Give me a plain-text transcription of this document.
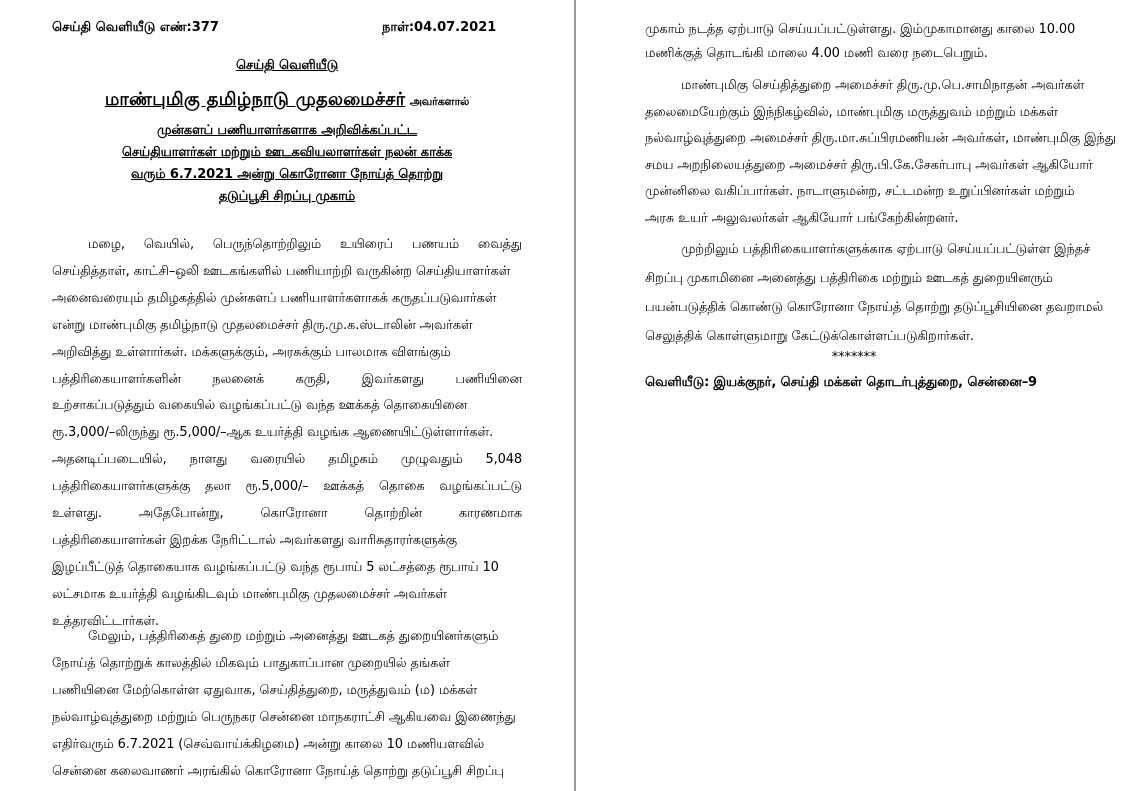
செய்தி வெளியீடு எண்:377	நாள்:04.07.2021
செய்தி வெளியீடு
மாண்புமிகு தமிழ்நாடு முதலமைச்சர் அவர்களால்
முன்களப் பணியாளர்களாக அறிவிக்கப்பட்ட
செய்தியாளர்கள் மற்றும் ஊடகவியலாளர்கள் நலன் காக்க
வரும் 6.7.2021 அன்று கொரோனா நோய்த் தொற்று
தடுப்பூசி சிறப்பு முகாம்
மழை, வெயில், பெருந்தொற்றிலும் உயிரைப் பணயம் வைத்து
செய்தித்தாள், காட்சி–ஒலி ஊடகங்களில் பணியாற்றி வருகின்ற செய்தியாளர்கள்
அனைவரையும் தமிழகத்தில் முன்களப் பணியாளர்களாகக் கருதப்படுவார்கள்
என்று மாண்புமிகு தமிழ்நாடு முதலமைச்சர் திரு.மு.க.ஸ்டாலின் அவர்கள்
அறிவித்து உள்ளார்கள். மக்களுக்கும், அரசுக்கும் பாலமாக விளங்கும்
பத்திரிகையாளர்களின் நலனைக் கருதி, இவர்களது பணியினை
உற்சாகப்படுத்தும் வகையில் வழங்கப்பட்டு வந்த ஊக்கத் தொகையினை
ரூ.3,000/–லிருந்து ரூ.5,000/–ஆக உயர்த்தி வழங்க ஆணையிட்டுள்ளார்கள்.
அதனடிப்படையில், நாளது வரையில் தமிழகம் முழுவதும் 5,048
பத்திரிகையாளர்களுக்கு தலா ரூ.5,000/– ஊக்கத் தொகை வழங்கப்பட்டு
உள்ளது.	அதேபோன்று,	கொரோனா	தொற்றின்	காரணமாக
பத்திரிகையாளர்கள் இறக்க நேரிட்டால் அவர்களது வாரிசுதாரர்களுக்கு
இழப்பீட்டுத் தொகையாக வழங்கப்பட்டு வந்த ரூபாய் 5 லட்சத்தை ரூபாய் 10
லட்சமாக உயர்த்தி வழங்கிடவும் மாண்புமிகு முதலமைச்சர் அவர்கள்
உத்தரவிட்டார்கள்.
மேலும், பத்திரிகைத் துறை மற்றும் அனைத்து ஊடகத் துறையினர்களும்
நோய்த் தொற்றுக் காலத்தில் மிகவும் பாதுகாப்பான முறையில் தங்கள்
பணியினை மேற்கொள்ள ஏதுவாக, செய்தித்துறை, மருத்துவம் (ம) மக்கள்
நல்வாழ்வுத்துறை மற்றும் பெருநகர சென்னை மாநகராட்சி ஆகியவை இணைந்து
எதிர்வரும் 6.7.2021 (செவ்வாய்க்கிழமை) அன்று காலை 10 மணியளவில்
சென்னை கலைவாணர் அரங்கில் கொரோனா நோய்த் தொற்று தடுப்பூசி சிறப்பு
முகாம் நடத்த ஏற்பாடு செய்யப்பட்டுள்ளது. இம்முகாமானது காலை 10.00
மணிக்குத் தொடங்கி மாலை 4.00 மணி வரை நடைபெறும்.
மாண்புமிகு செய்தித்துறை அமைச்சர் திரு.மு.பெ.சாமிநாதன் அவர்கள்
தலைமையேற்கும் இந்நிகழ்வில், மாண்புமிகு மருத்துவம் மற்றும் மக்கள்
நல்வாழ்வுத்துறை அமைச்சர் திரு.மா.சுப்பிரமணியன் அவர்கள், மாண்புமிகு இந்து
சமய அறநிலையத்துறை அமைச்சர் திரு.பி.கே.சேகர்பாபு அவர்கள் ஆகியோர்
முன்னிலை வகிப்பார்கள். நாடாளுமன்ற, சட்டமன்ற உறுப்பினர்கள் மற்றும்
அரசு உயர் அலுவலர்கள் ஆகியோர் பங்கேற்கின்றனர்.
முற்றிலும் பத்திரிகையாளர்களுக்காக ஏற்பாடு செய்யப்பட்டுள்ள இந்தச்
சிறப்பு முகாமினை அனைத்து பத்திரிகை மற்றும் ஊடகத் துறையினரும்
பயன்படுத்திக் கொண்டு கொரோனா நோய்த் தொற்று தடுப்பூசியினை தவறாமல்
செலுத்திக் கொள்ளுமாறு கேட்டுக்கொள்ளப்படுகிறார்கள்.
*******
வெளியீடு: இயக்குநர், செய்தி மக்கள் தொடர்புத்துறை, சென்னை–9
